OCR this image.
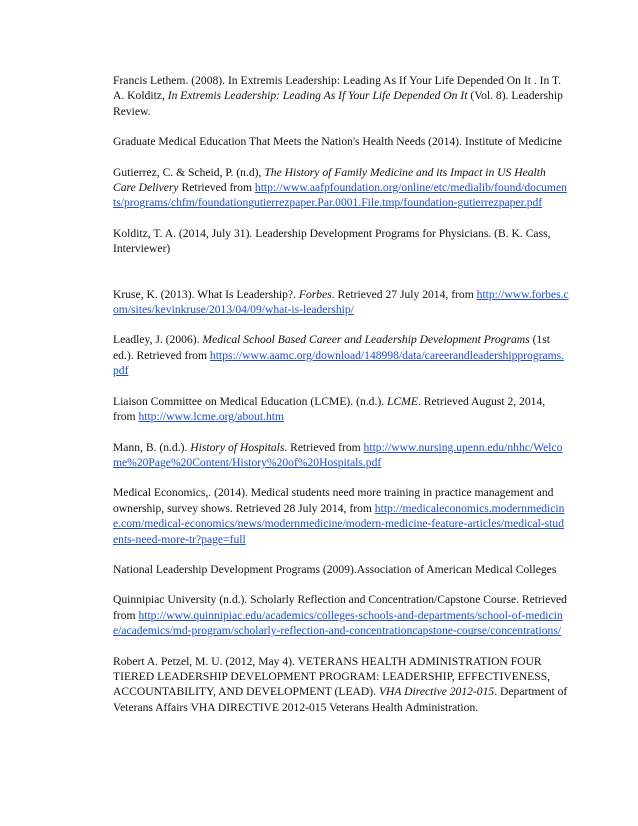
Francis Lethem. (2008). In Extremis Leadership: Leading As If Your Life Depended On It . In T. A. Kolditz, In Extremis Leadership: Leading As If Your Life Depended On It (Vol. 8). Leadership Review.

Graduate Medical Education That Meets the Nation's Health Needs (2014). Institute of Medicine

Gutierrez, C. & Scheid, P. (n.d), The History of Family Medicine and its Impact in US Health Care Delivery Retrieved from http://www.aafpfoundation.org/online/etc/medialib/found/documents/programs/chfm/foundationgutierrezpaper.Par.0001.File.tmp/foundation-gutierrezpaper.pdf

Kolditz, T. A. (2014, July 31). Leadership Development Programs for Physicians. (B. K. Cass, Interviewer)

Kruse, K. (2013). What Is Leadership?. Forbes. Retrieved 27 July 2014, from http://www.forbes.com/sites/kevinkruse/2013/04/09/what-is-leadership/

Leadley, J. (2006). Medical School Based Career and Leadership Development Programs (1st ed.). Retrieved from https://www.aamc.org/download/148998/data/careerandleadershipprograms.pdf

Liaison Committee on Medical Education (LCME). (n.d.). LCME. Retrieved August 2, 2014, from http://www.lcme.org/about.htm

Mann, B. (n.d.). History of Hospitals. Retrieved from http://www.nursing.upenn.edu/nhhc/Welcome%20Page%20Content/History%20of%20Hospitals.pdf

Medical Economics,. (2014). Medical students need more training in practice management and ownership, survey shows. Retrieved 28 July 2014, from http://medicaleconomics.modernmedicine.com/medical-economics/news/modernmedicine/modern-medicine-feature-articles/medical-students-need-more-tr?page=full

National Leadership Development Programs (2009).Association of American Medical Colleges

Quinnipiac University (n.d.). Scholarly Reflection and Concentration/Capstone Course. Retrieved from http://www.quinnipiac.edu/academics/colleges-schools-and-departments/school-of-medicine/academics/md-program/scholarly-reflection-and-concentrationcapstone-course/concentrations/

Robert A. Petzel, M. U. (2012, May 4). VETERANS HEALTH ADMINISTRATION FOUR TIERED LEADERSHIP DEVELOPMENT PROGRAM: LEADERSHIP, EFFECTIVENESS, ACCOUNTABILITY, AND DEVELOPMENT (LEAD). VHA Directive 2012-015. Department of Veterans Affairs VHA DIRECTIVE 2012-015 Veterans Health Administration.
